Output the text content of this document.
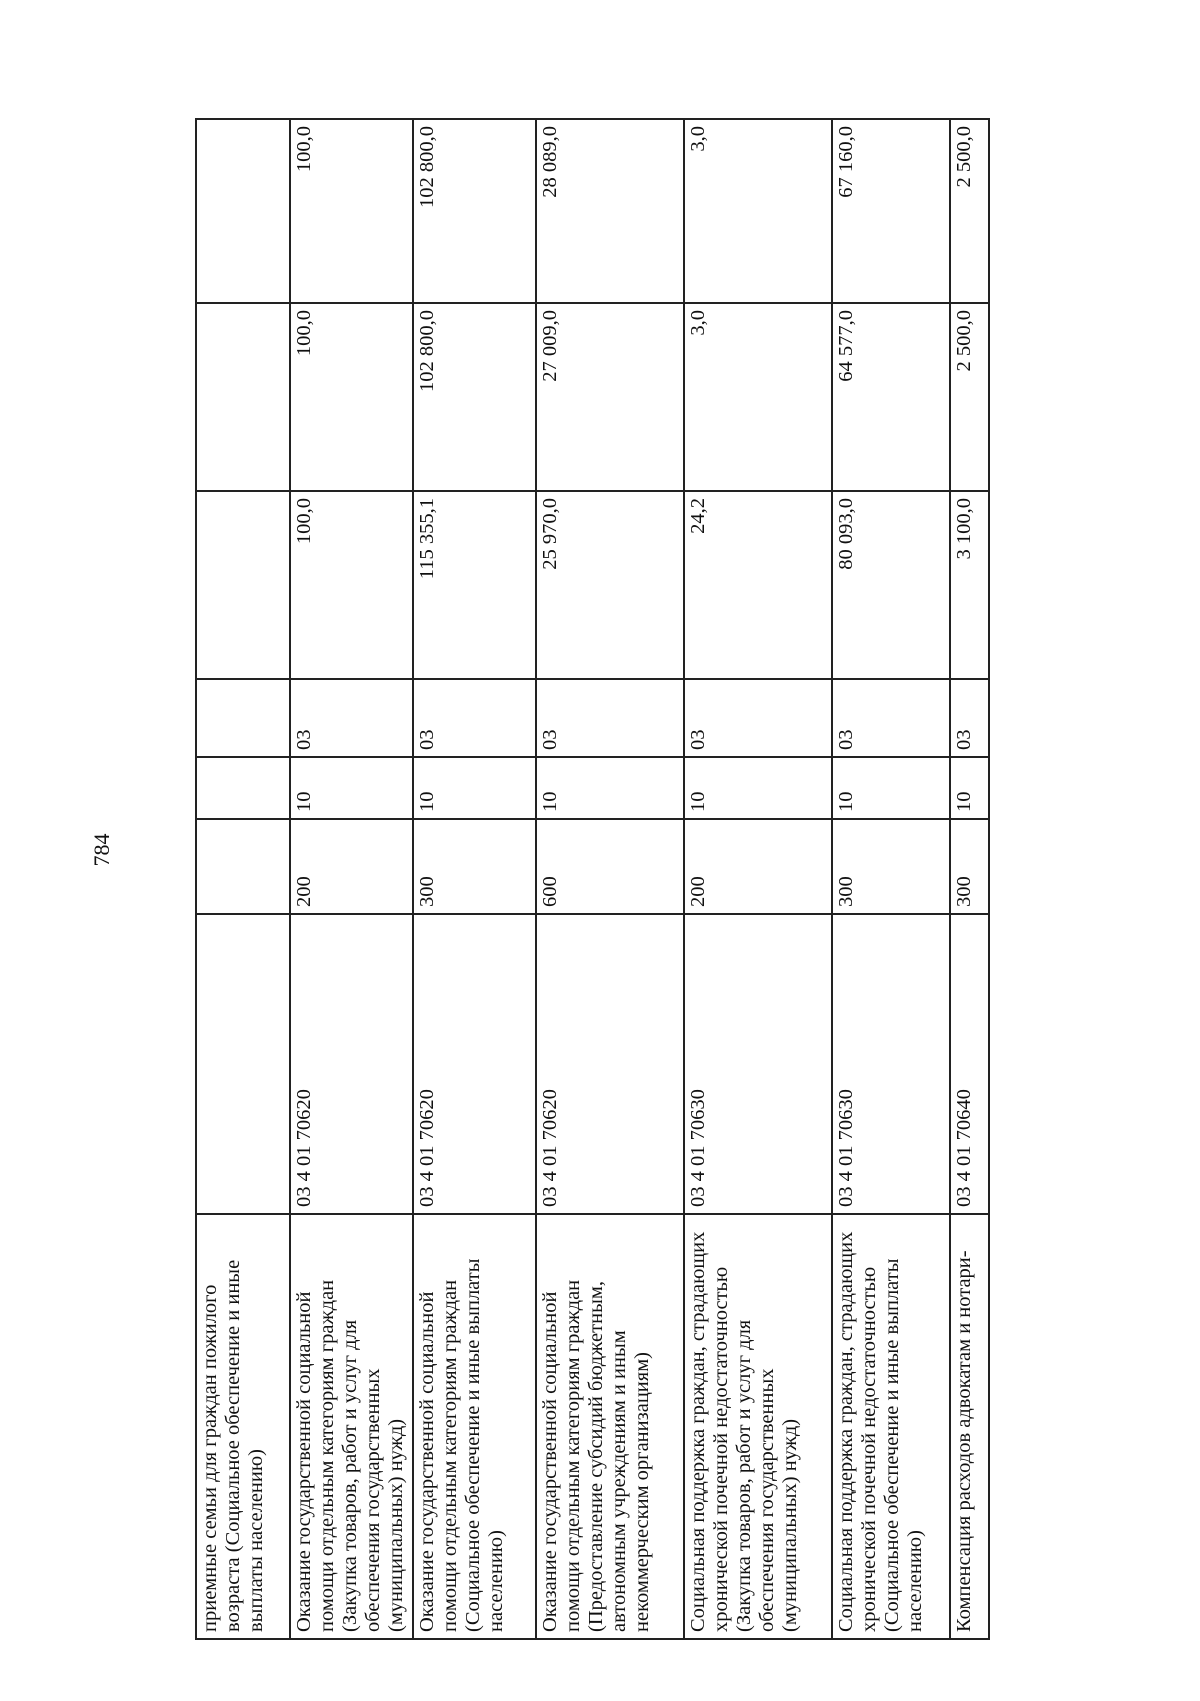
784
приемные семьи для граждан пожилого возраста (Социальное обеспечение и иные выплаты населению)							
Оказание государственной социальной помощи отдельным категориям граждан (Закупка товаров, работ и услуг для обеспечения государственных (муниципальных) нужд)	03 4 01 70620	200	10	03	100,0	100,0	100,0
Оказание государственной социальной помощи отдельным категориям граждан (Социальное обеспечение и иные выплаты населению)	03 4 01 70620	300	10	03	115 355,1	102 800,0	102 800,0
Оказание государственной социальной помощи отдельным категориям граждан (Предоставление субсидий бюджетным, автономным учреждениям и иным некоммерческим организациям)	03 4 01 70620	600	10	03	25 970,0	27 009,0	28 089,0
Социальная поддержка граждан, страдающих хронической почечной недостаточностью (Закупка товаров, работ и услуг для обеспечения государственных (муниципальных) нужд)	03 4 01 70630	200	10	03	24,2	3,0	3,0
Социальная поддержка граждан, страдающих хронической почечной недостаточностью (Социальное обеспечение и иные выплаты населению)	03 4 01 70630	300	10	03	80 093,0	64 577,0	67 160,0
Компенсация расходов адвокатам и нотари-	03 4 01 70640	300	10	03	3 100,0	2 500,0	2 500,0
